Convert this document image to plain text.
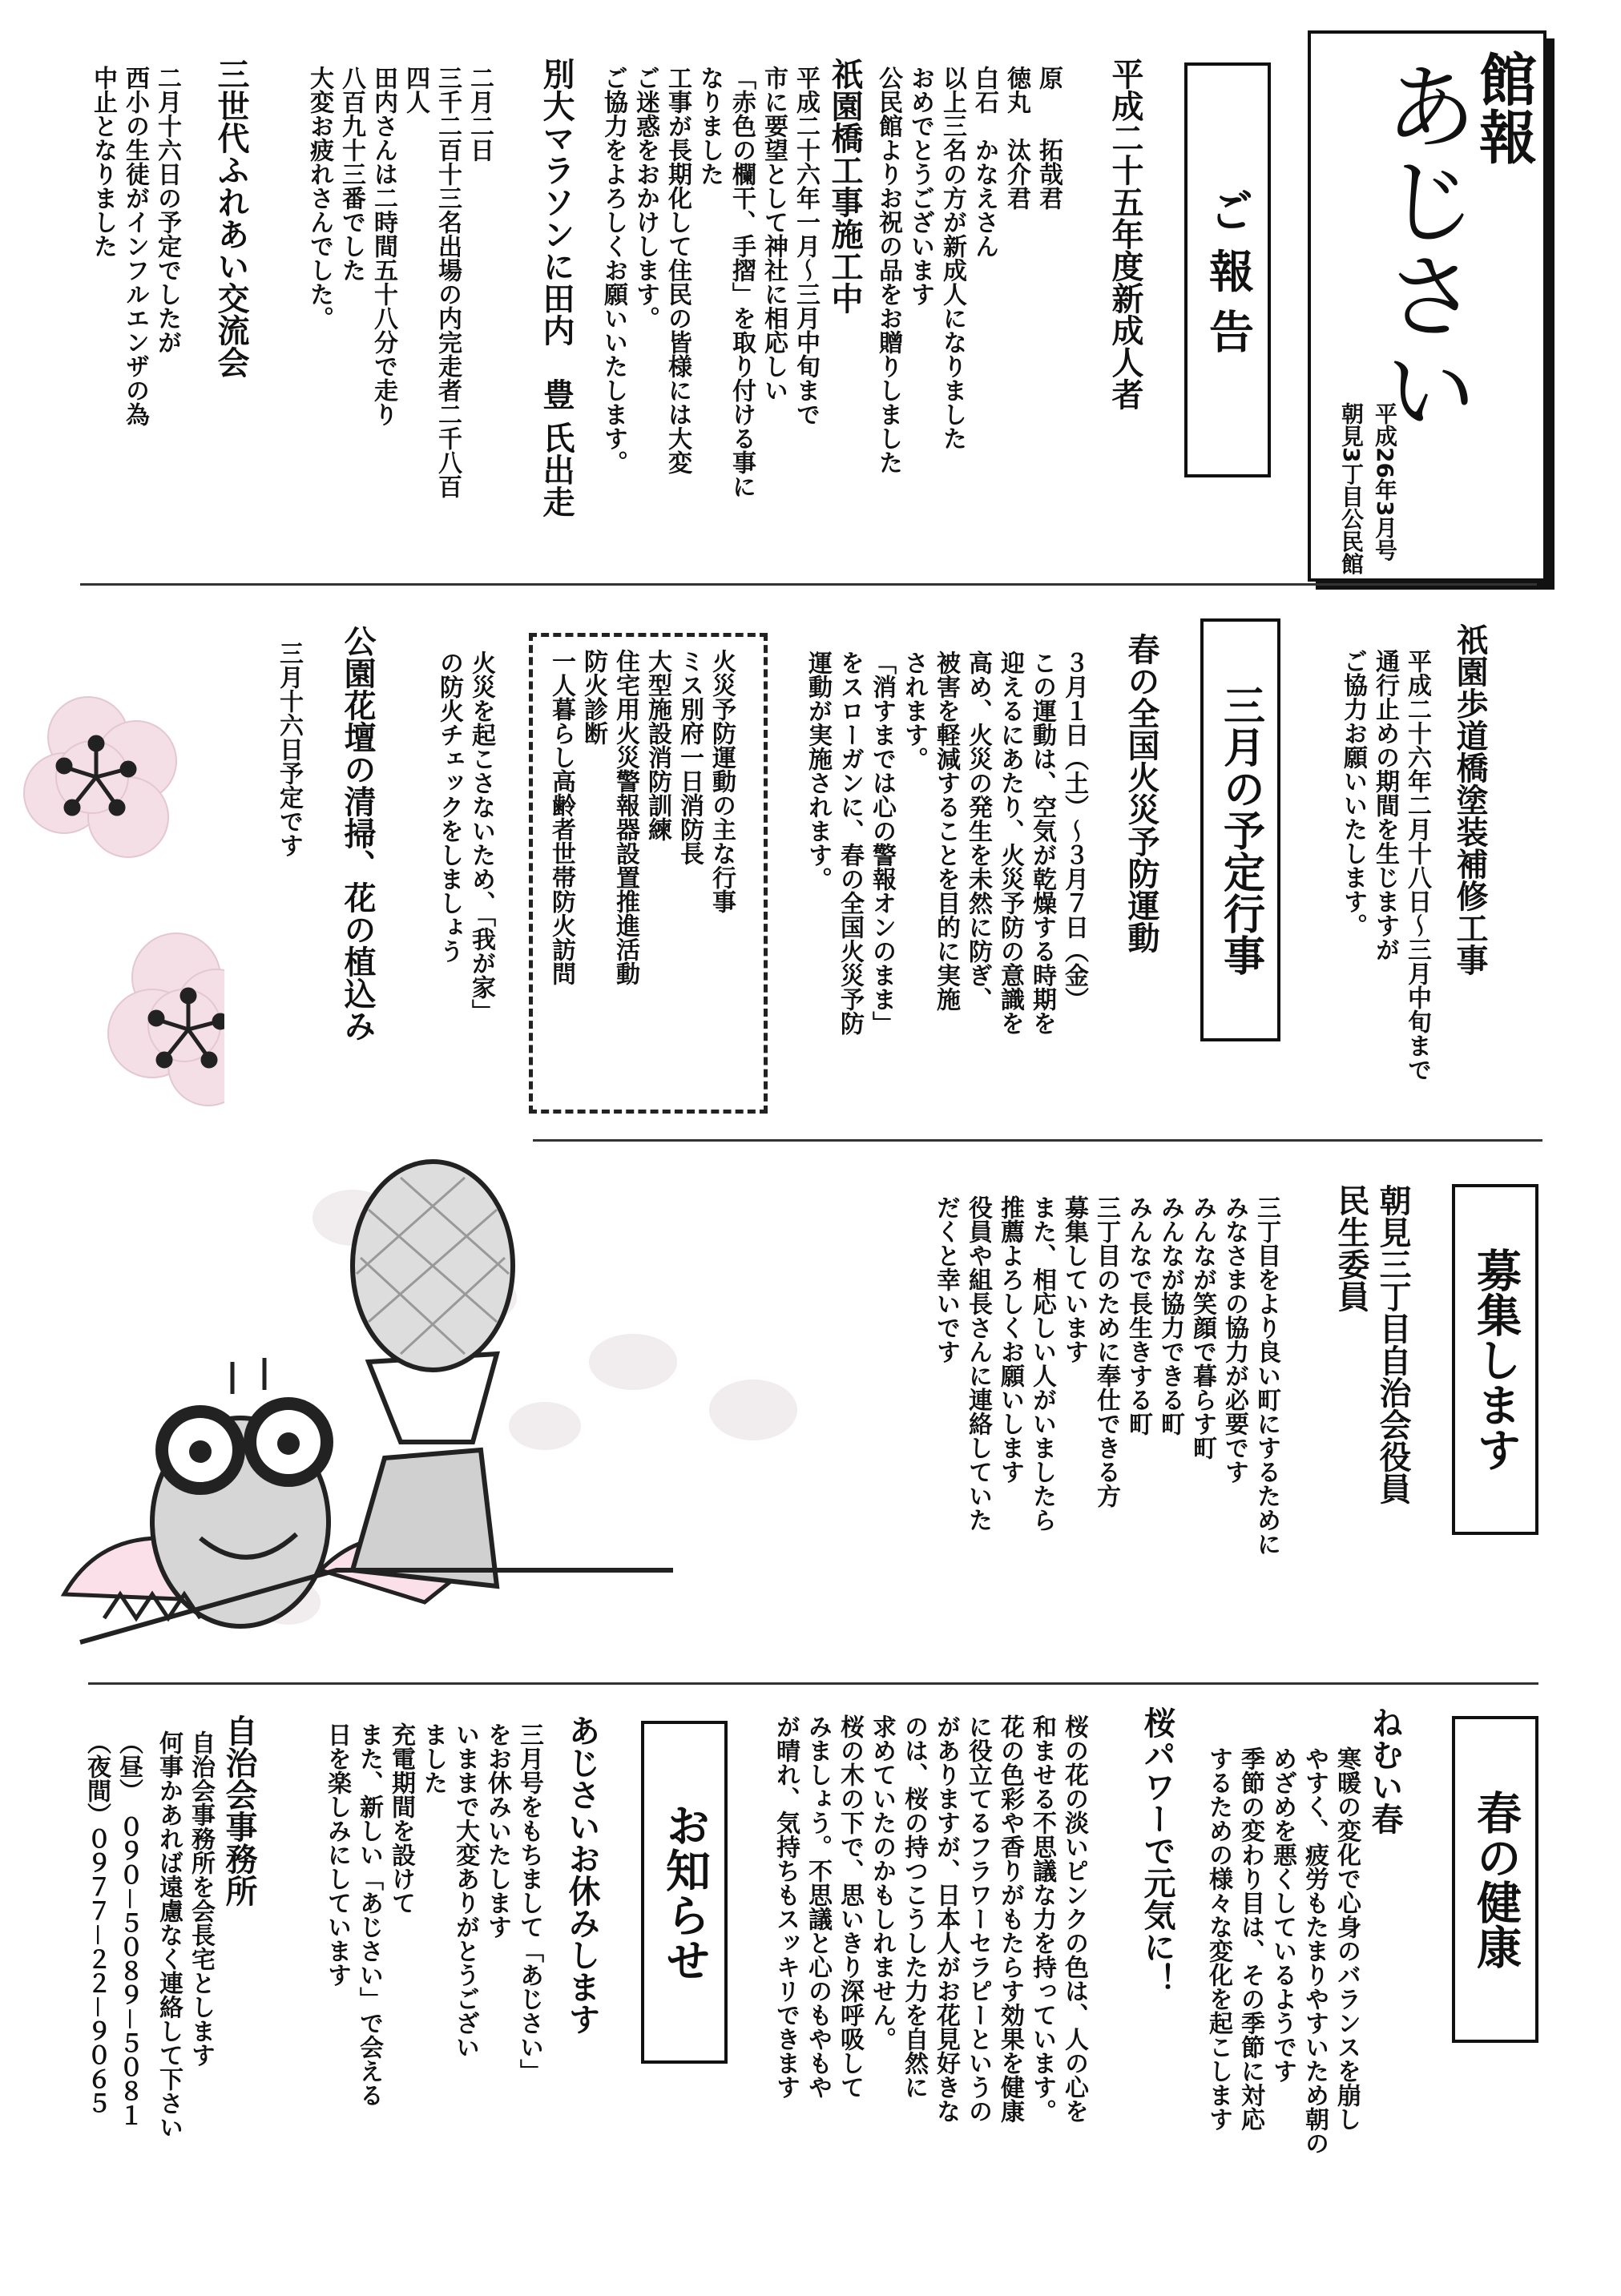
館報
あじさい
平成26年3月号
朝見3丁目公民館
ご 報 告
平成二十五年度新成人者
原　　拓哉君
徳丸　汰介君
白石　かなえさん
以上三名の方が新成人になりました
おめでとうございます
公民館よりお祝の品をお贈りしました
祇園橋工事施工中
平成二十六年一月～三月中旬まで
市に要望として神社に相応しい
「赤色の欄干、手摺」を取り付ける事に
なりました
工事が長期化して住民の皆様には大変
ご迷惑をおかけします。
ご協力をよろしくお願いいたします。
別大マラソンに田内　豊 氏出走
二月二日
三千二百十三名出場の内完走者二千八百
四人
田内さんは二時間五十八分で走り
八百九十三番でした
大変お疲れさんでした。
三世代ふれあい交流会
二月十六日の予定でしたが
西小の生徒がインフルエンザの為
中止となりました
祇園歩道橋塗装補修工事
平成二十六年二月十八日～三月中旬まで
通行止めの期間を生じますが
ご協力お願いいたします。
三月の予定行事
春の全国火災予防運動
３月１日（土）～３月７日（金）
この運動は、空気が乾燥する時期を
迎えるにあたり、火災予防の意識を
高め、火災の発生を未然に防ぎ、
被害を軽減することを目的に実施
されます。
「消すまでは心の警報オンのまま」
をスローガンに、春の全国火災予防
運動が実施されます。
火災予防運動の主な行事
ミス別府一日消防長
大型施設消防訓練
住宅用火災警報器設置推進活動
防火診断
一人暮らし高齢者世帯防火訪問
火災を起こさないため、「我が家」
の防火チェックをしましょう
公園花壇の清掃、花の植込み
三月十六日予定です
募集します
朝見三丁目自治会役員
民生委員
三丁目をより良い町にするために
みなさまの協力が必要です
みんなが笑顔で暮らす町
みんなが協力できる町
みんなで長生きする町
三丁目のために奉仕できる方
募集しています
また、相応しい人がいましたら
推薦よろしくお願いします
役員や組長さんに連絡していた
だくと幸いです
春の健康
ねむい春
寒暖の変化で心身のバランスを崩し
やすく、疲労もたまりやすいため朝の
めざめを悪くしているようです
季節の変わり目は、その季節に対応
するための様々な変化を起こします
桜パワーで元気に！
桜の花の淡いピンクの色は、人の心を
和ませる不思議な力を持っています。
花の色彩や香りがもたらす効果を健康
に役立てるフラワーセラピーというの
がありますが、日本人がお花見好きな
のは、桜の持つこうした力を自然に
求めていたのかもしれません。
桜の木の下で、思いきり深呼吸して
みましょう。不思議と心のもやもや
が晴れ、気持ちもスッキリできます
お知らせ
あじさいお休みします
三月号をもちまして「あじさい」
をお休みいたします
いままで大変ありがとうござい
ました
充電期間を設けて
また、新しい「あじさい」で会える
日を楽しみにしています
自治会事務所
自治会事務所を会長宅とします
何事かあれば遠慮なく連絡して下さい
（昼）　０９０－５０８９－５０８１
（夜間）０９７７－２２－９０６５
